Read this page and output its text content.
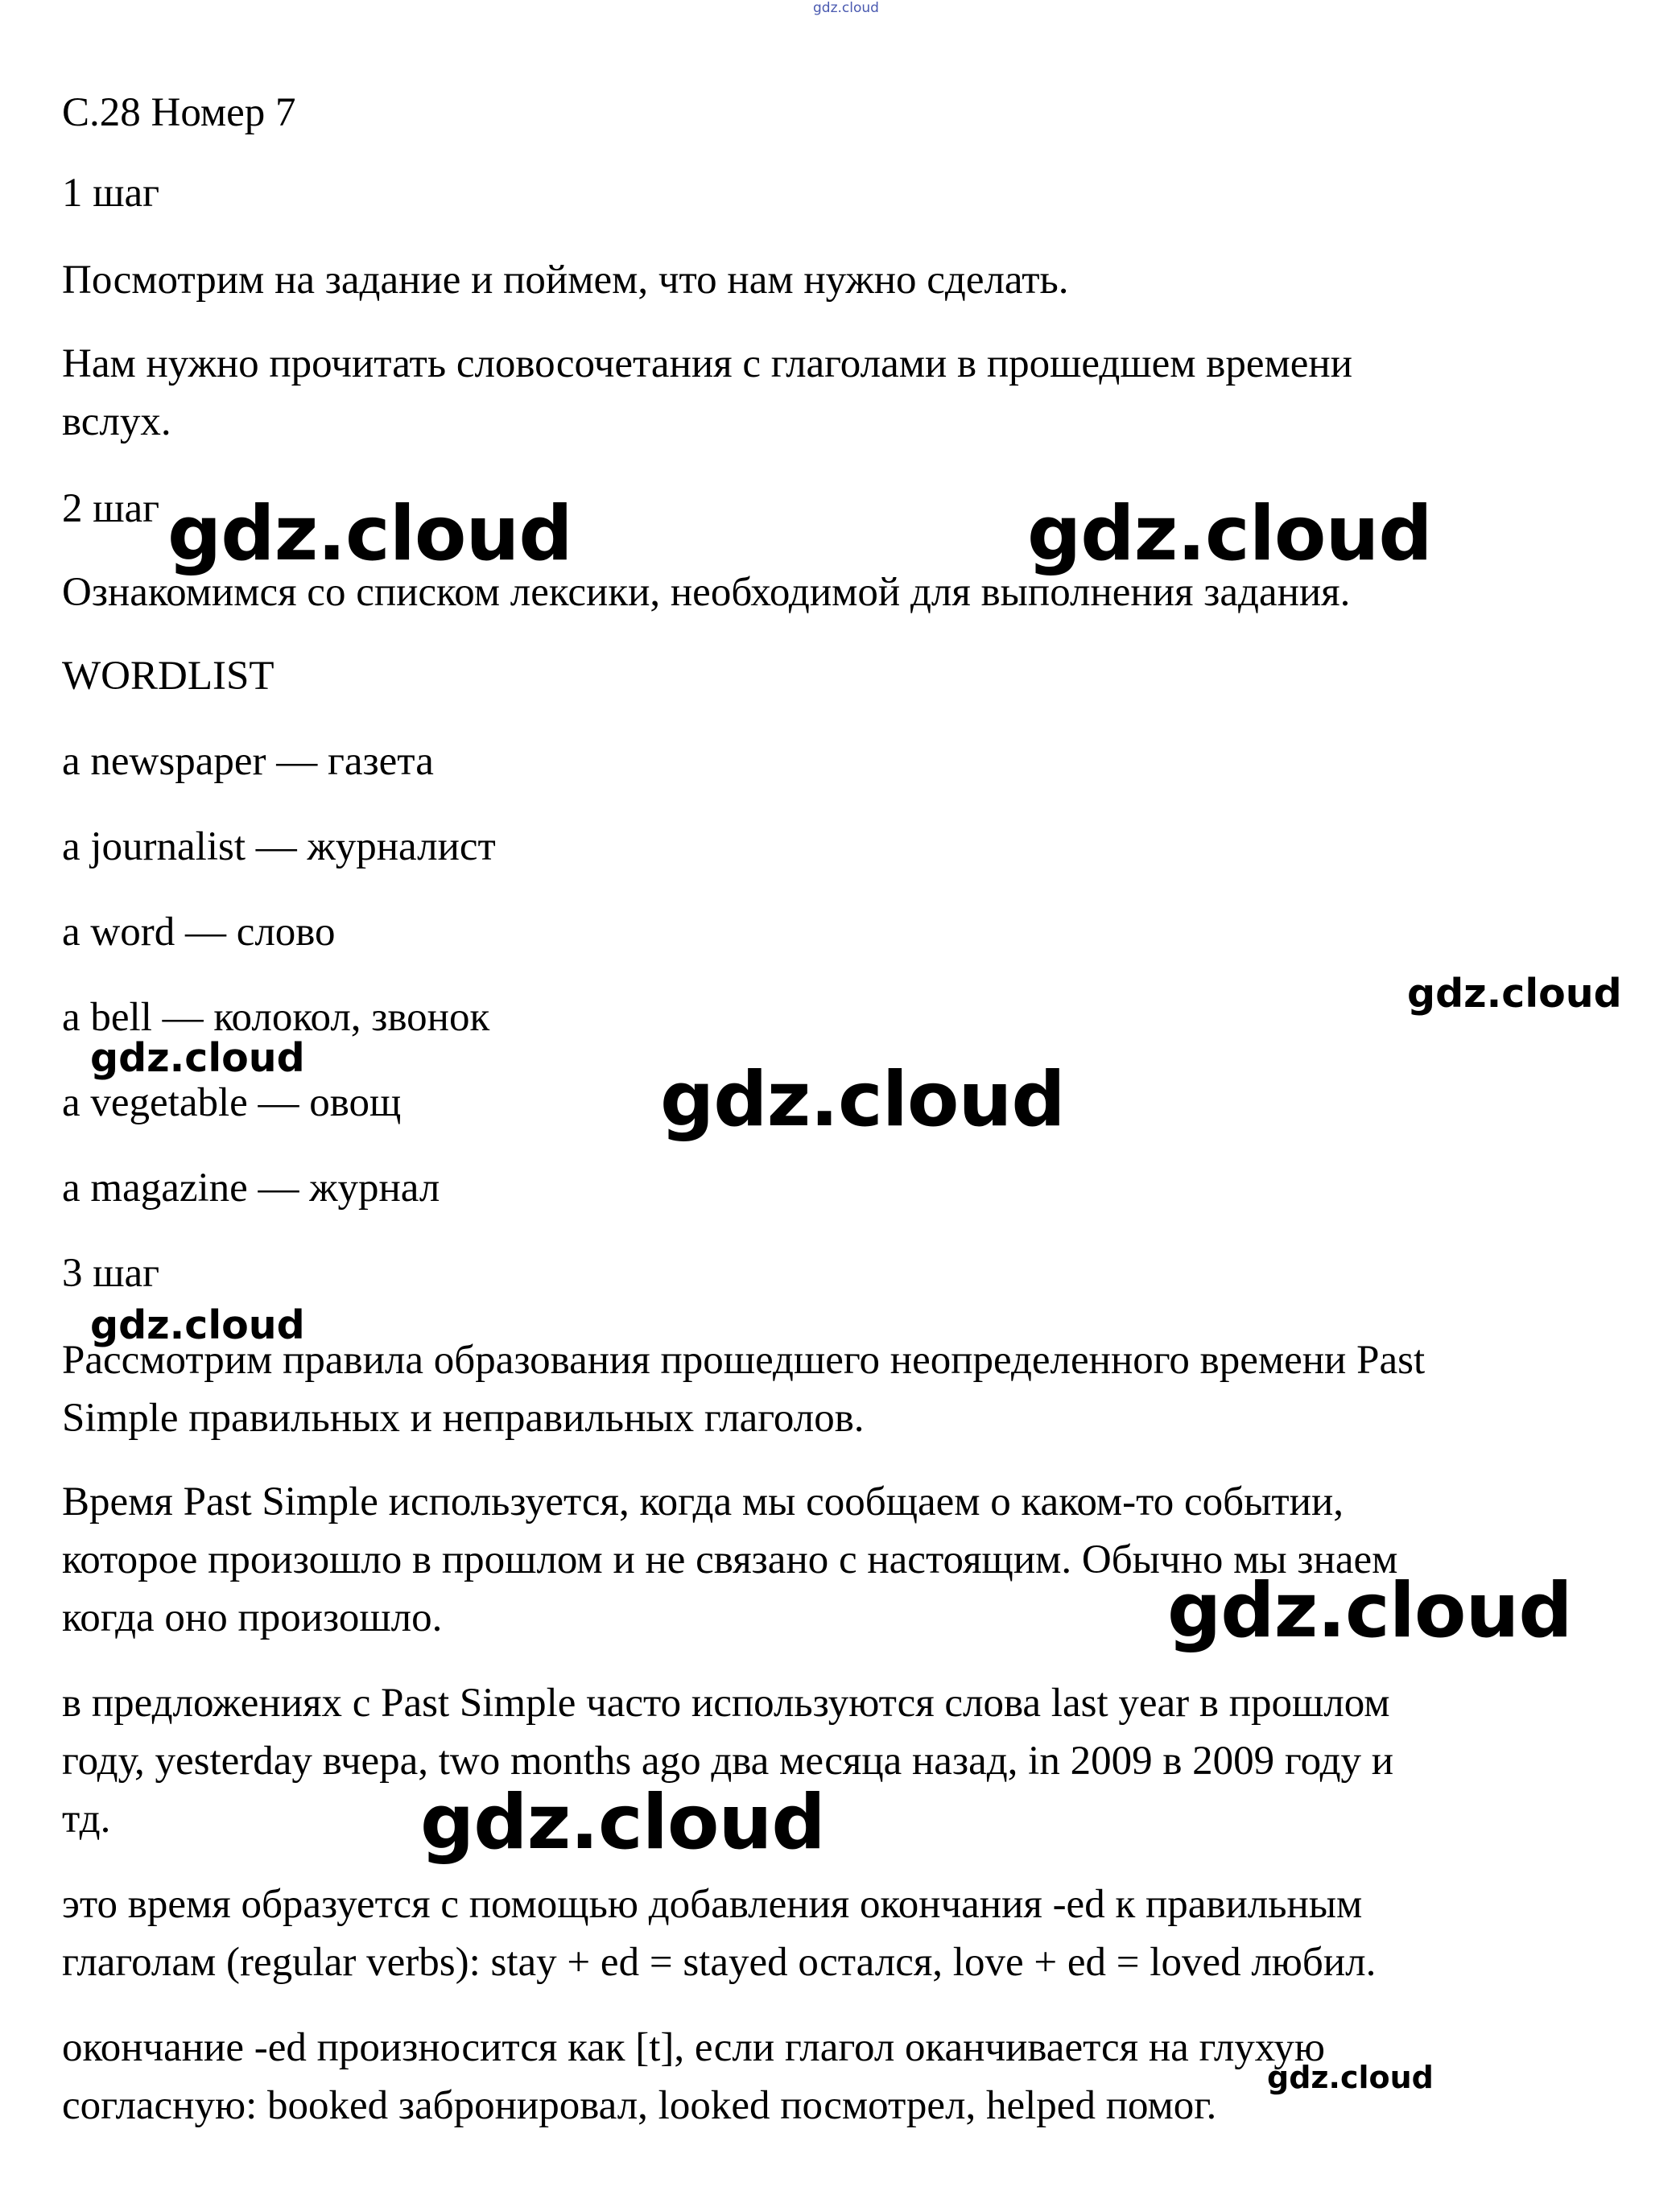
gdz.cloud
С.28 Номер 7
1 шаг
Посмотрим на задание и поймем, что нам нужно сделать.
Нам нужно прочитать словосочетания с глаголами в прошедшем времени
вслух.
2 шаг
Ознакомимся со списком лексики, необходимой для выполнения задания.
WORDLIST
a newspaper — газета
a journalist — журналист
a word — слово
a bell — колокол, звонок
a vegetable — овощ
a magazine — журнал
3 шаг
Рассмотрим правила образования прошедшего неопределенного времени Past
Simple правильных и неправильных глаголов.
Время Past Simple используется, когда мы сообщаем о каком-то событии,
которое произошло в прошлом и не связано с настоящим. Обычно мы знаем
когда оно произошло.
в предложениях с Past Simple часто используются слова last year в прошлом
году, yesterday вчера, two months ago два месяца назад, in 2009 в 2009 году и
тд.
это время образуется с помощью добавления окончания -ed к правильным
глаголам (regular verbs): stay + ed = stayed остался, love + ed = loved любил.
окончание -ed произносится как [t], если глагол оканчивается на глухую
согласную: booked забронировал, looked посмотрел, helped помог.
gdz.cloud	gdz.cloud
gdz.cloud
gdz.cloud	gdz.cloud
gdz.cloud
gdz.cloud
gdz.cloud
gdz.cloud
